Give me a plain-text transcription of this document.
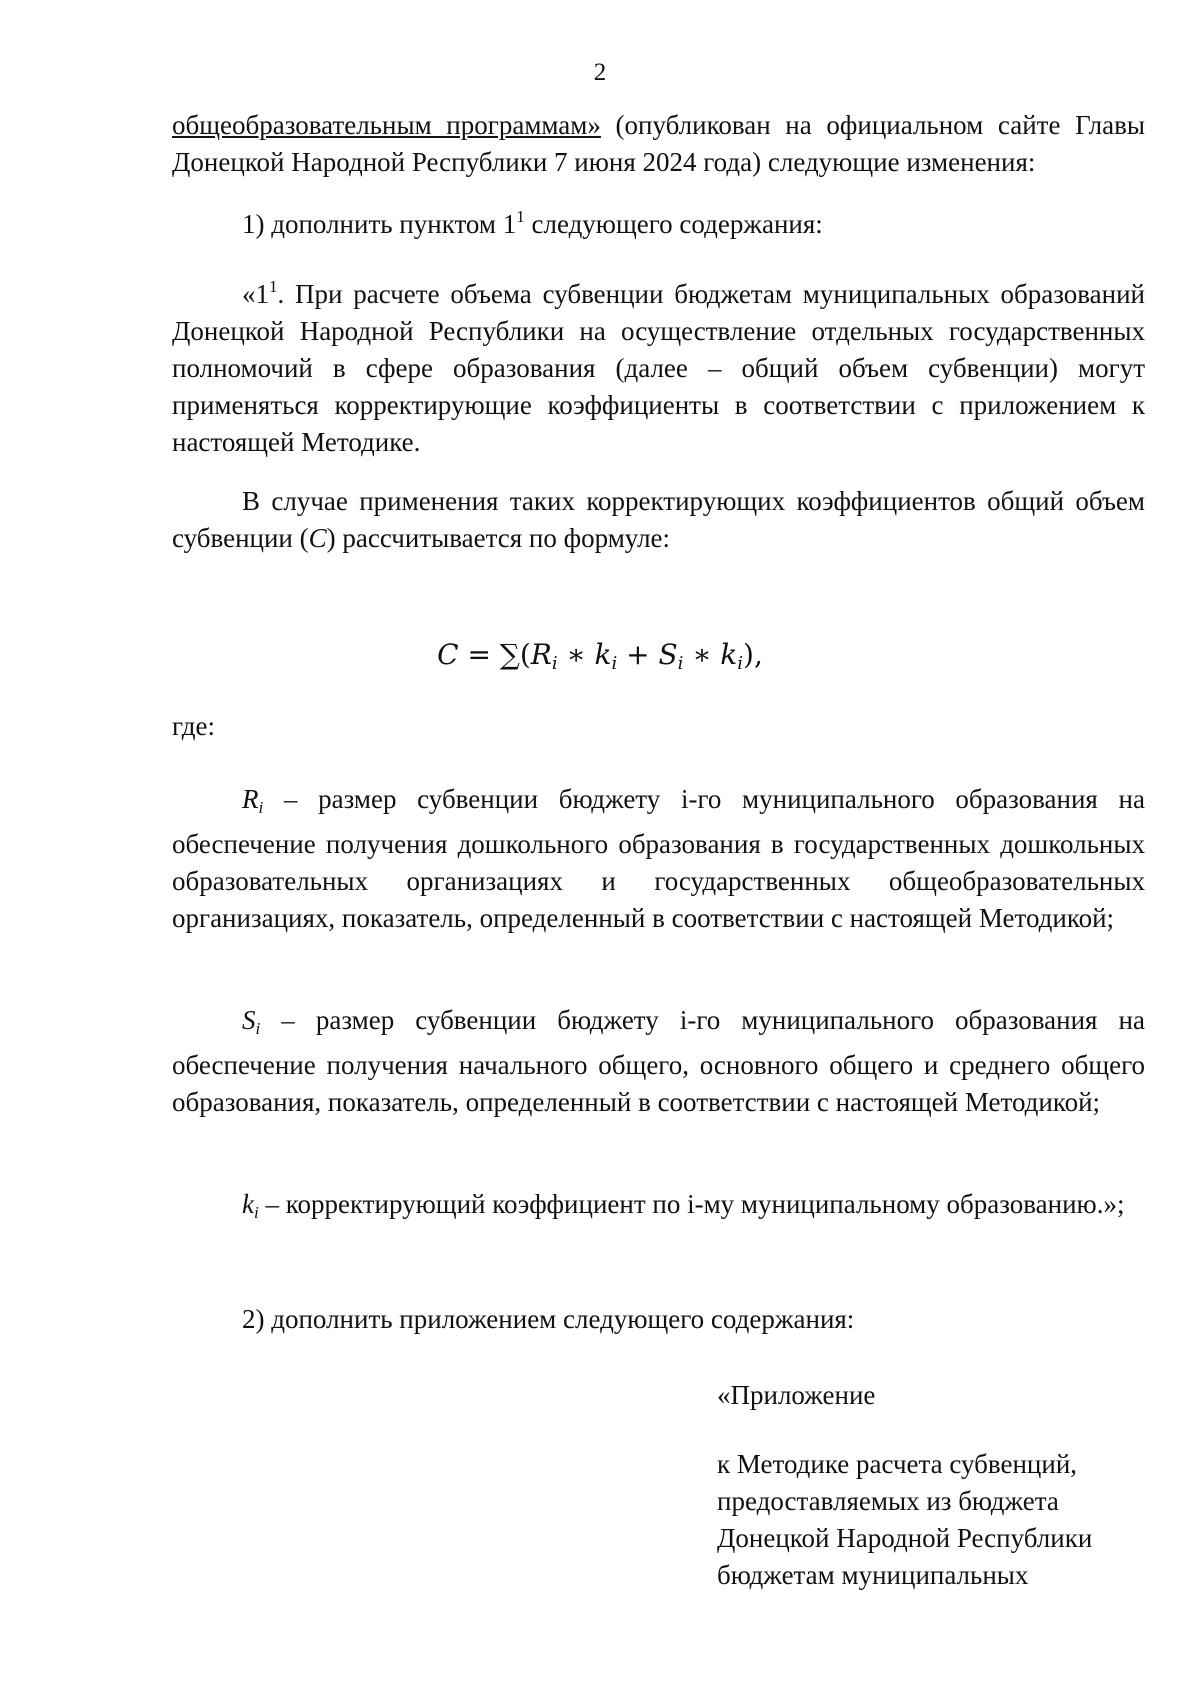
2

общеобразовательным программам» (опубликован на официальном сайте Главы Донецкой Народной Республики 7 июня 2024 года) следующие изменения:

1) дополнить пунктом $1^1$ следующего содержания:

«$1^1$. При расчете объема субвенции бюджетам муниципальных образований Донецкой Народной Республики на осуществление отдельных государственных полномочий в сфере образования (далее – общий объем субвенции) могут применяться корректирующие коэффициенты в соответствии с приложением к настоящей Методике.

В случае применения таких корректирующих коэффициентов общий объем субвенции (C) рассчитывается по формуле:

$C = \sum(R_i$ ∗ $k_i + S_i$ ∗ $k_i$),

где:

$R_i$ – размер субвенции бюджету i-го муниципального образования на обеспечение получения дошкольного образования в государственных дошкольных образовательных организациях и государственных общеобразовательных организациях, показатель, определенный в соответствии с настоящей Методикой;

$S_i$ – размер субвенции бюджету i-го муниципального образования на обеспечение получения начального общего, основного общего и среднего общего образования, показатель, определенный в соответствии с настоящей Методикой;

$k_i$ – корректирующий коэффициент по i-му муниципальному образованию.»;

2) дополнить приложением следующего содержания:

«Приложение

к Методике расчета субвенций,
предоставляемых из бюджета
Донецкой Народной Республики
бюджетам муниципальных
